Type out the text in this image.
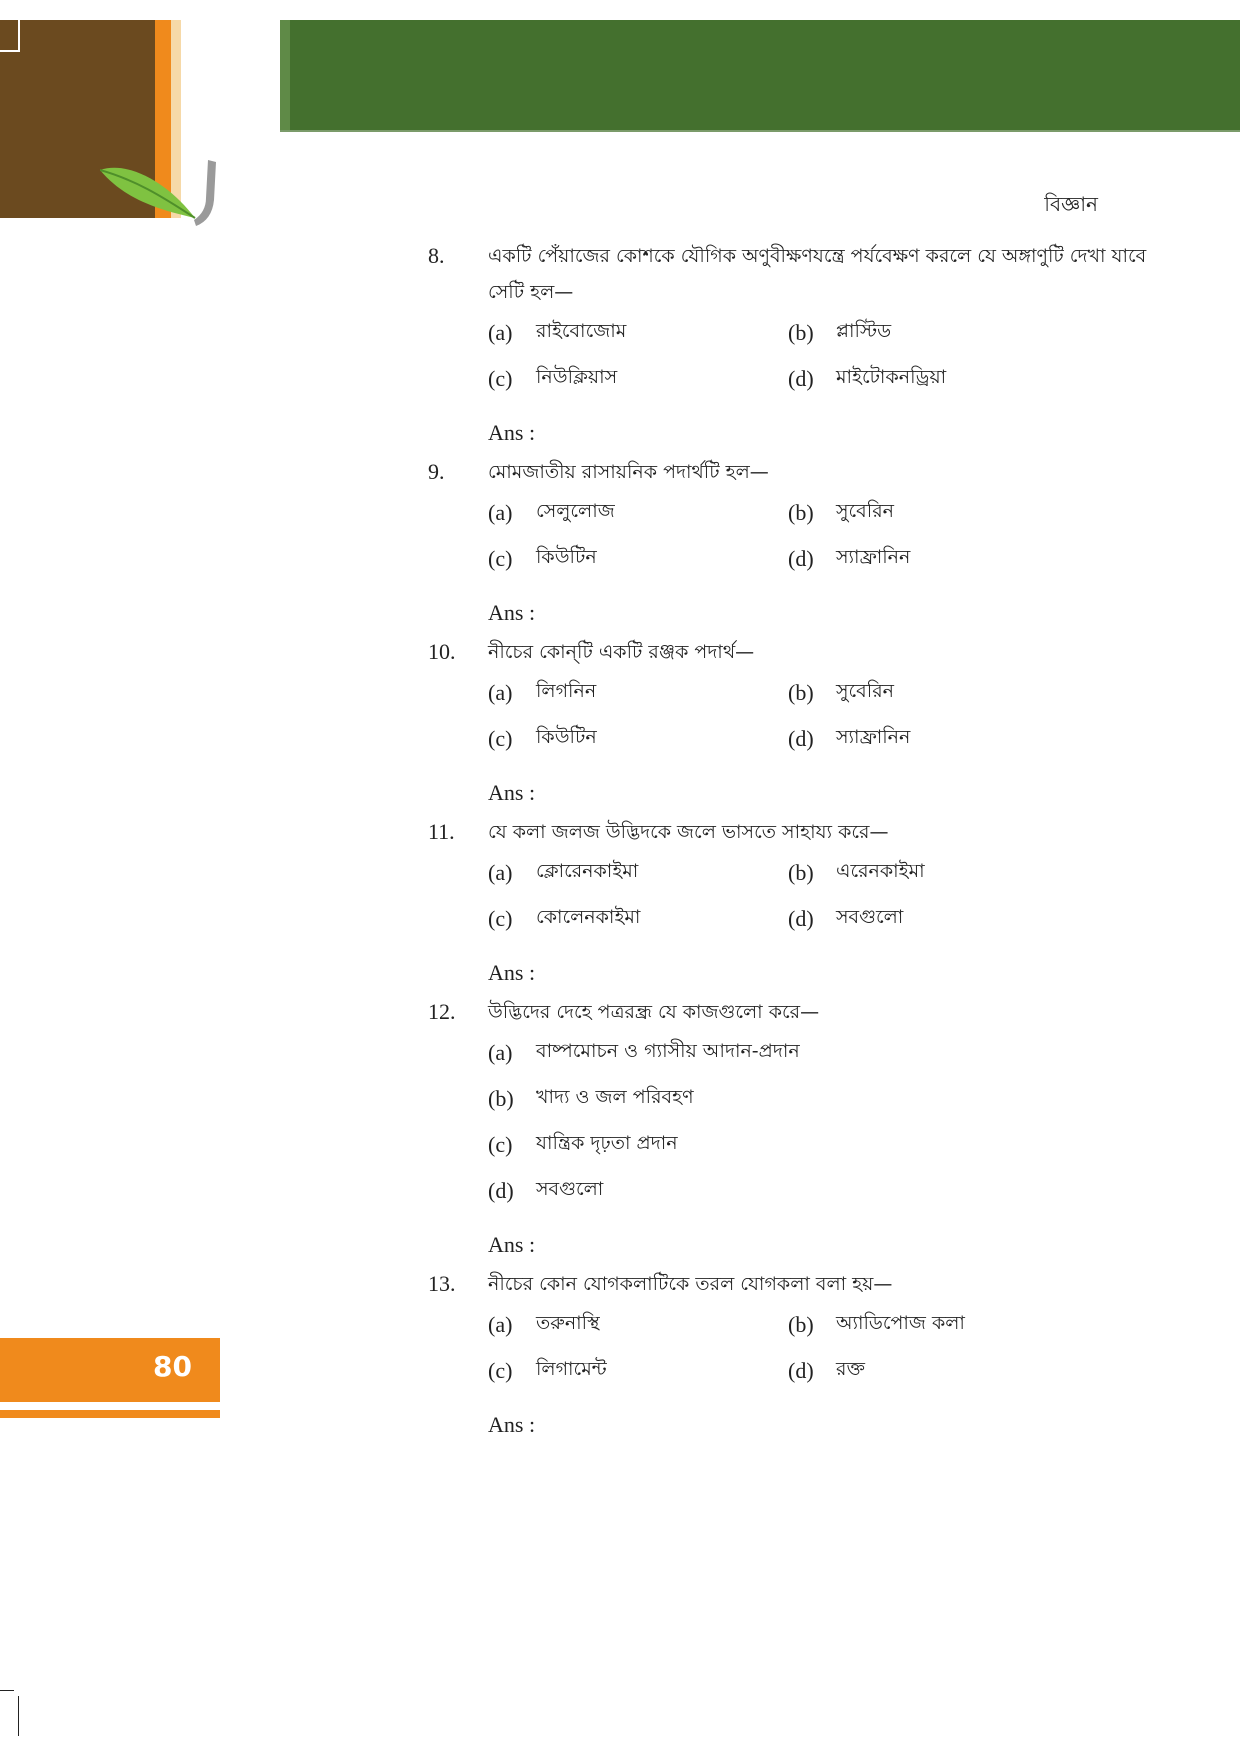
বিজ্ঞান
8.	একটি পেঁয়াজের কোশকে যৌগিক অণুবীক্ষণযন্ত্রে পর্যবেক্ষণ করলে যে অঙ্গাণুটি দেখা যাবে সেটি হল—
(a)	রাইবোজোম	(b)	প্লাস্টিড
(c)	নিউক্লিয়াস	(d)	মাইটোকনড্রিয়া
Ans :
9.	মোমজাতীয় রাসায়নিক পদার্থটি হল—
(a)	সেলুলোজ	(b)	সুবেরিন
(c)	কিউটিন	(d)	স্যাফ্রানিন
Ans :
10.	নীচের কোন্‌টি একটি রঞ্জক পদার্থ—
(a)	লিগনিন	(b)	সুবেরিন
(c)	কিউটিন	(d)	স্যাফ্রানিন
Ans :
11.	যে কলা জলজ উদ্ভিদকে জলে ভাসতে সাহায্য করে—
(a)	ক্লোরেনকাইমা	(b)	এরেনকাইমা
(c)	কোলেনকাইমা	(d)	সবগুলো
Ans :
12.	উদ্ভিদের দেহে পত্ররন্ধ্র যে কাজগুলো করে—
(a)	বাষ্পমোচন ও গ্যাসীয় আদান-প্রদান
(b)	খাদ্য ও জল পরিবহণ
(c)	যান্ত্রিক দৃঢ়তা প্রদান
(d)	সবগুলো
Ans :
13.	নীচের কোন যোগকলাটিকে তরল যোগকলা বলা হয়—
(a)	তরুনাস্থি	(b)	অ্যাডিপোজ কলা
(c)	লিগামেন্ট	(d)	রক্ত
Ans :
80
